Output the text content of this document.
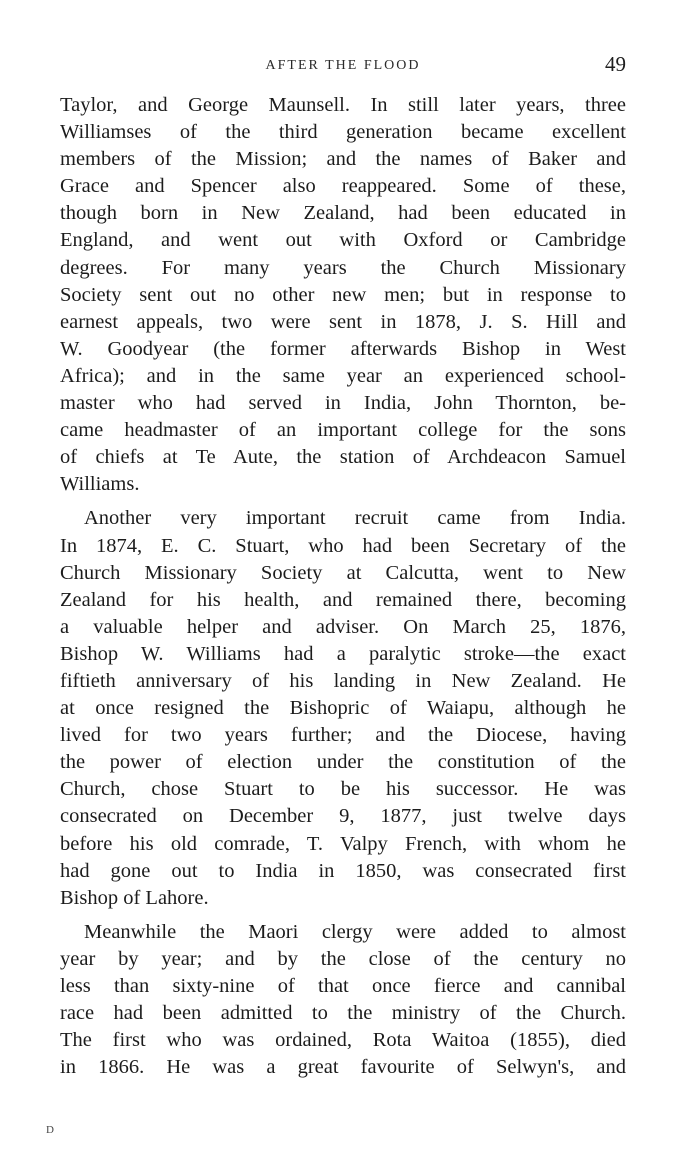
AFTER THE FLOOD	49
Taylor, and George Maunsell. In still later years, three
Williamses of the third generation became excellent
members of the Mission; and the names of Baker and
Grace and Spencer also reappeared. Some of these,
though born in New Zealand, had been educated in
England, and went out with Oxford or Cambridge
degrees. For many years the Church Missionary
Society sent out no other new men; but in response to
earnest appeals, two were sent in 1878, J. S. Hill and
W. Goodyear (the former afterwards Bishop in West
Africa); and in the same year an experienced school-
master who had served in India, John Thornton, be-
came headmaster of an important college for the sons
of chiefs at Te Aute, the station of Archdeacon Samuel
Williams.
Another very important recruit came from India.
In 1874, E. C. Stuart, who had been Secretary of the
Church Missionary Society at Calcutta, went to New
Zealand for his health, and remained there, becoming
a valuable helper and adviser. On March 25, 1876,
Bishop W. Williams had a paralytic stroke—the exact
fiftieth anniversary of his landing in New Zealand. He
at once resigned the Bishopric of Waiapu, although he
lived for two years further; and the Diocese, having
the power of election under the constitution of the
Church, chose Stuart to be his successor. He was
consecrated on December 9, 1877, just twelve days
before his old comrade, T. Valpy French, with whom he
had gone out to India in 1850, was consecrated first
Bishop of Lahore.
Meanwhile the Maori clergy were added to almost
year by year; and by the close of the century no
less than sixty-nine of that once fierce and cannibal
race had been admitted to the ministry of the Church.
The first who was ordained, Rota Waitoa (1855), died
in 1866. He was a great favourite of Selwyn's, and
D
